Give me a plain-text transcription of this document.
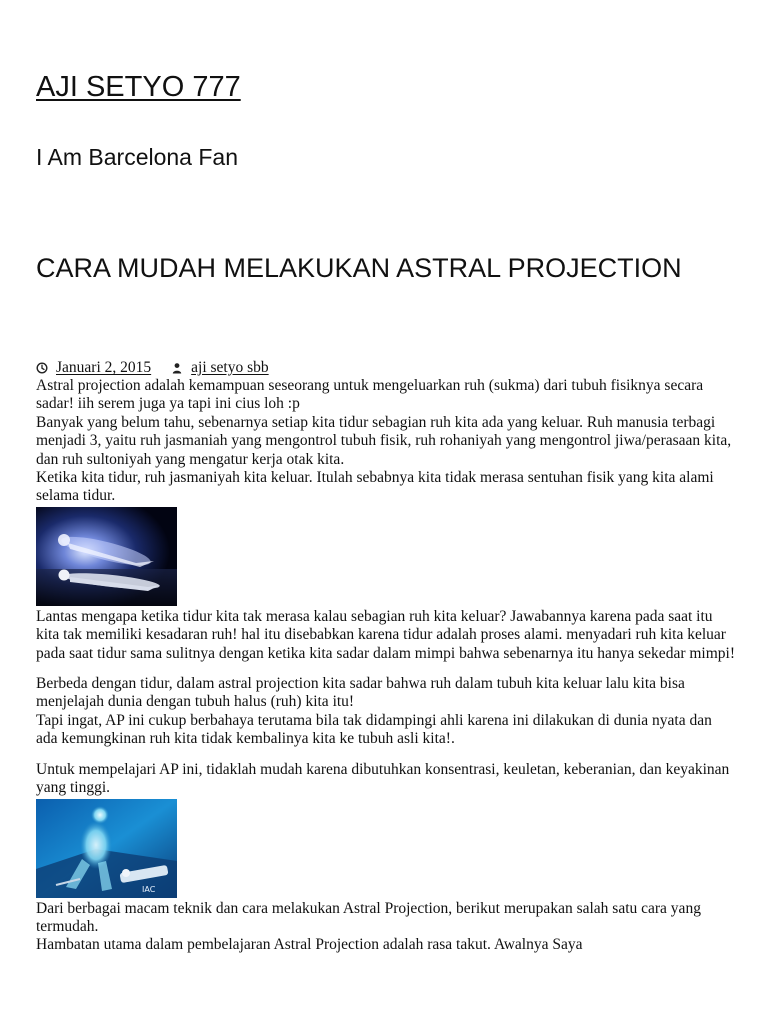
AJI SETYO 777
I Am Barcelona Fan
CARA MUDAH MELAKUKAN ASTRAL PROJECTION
Januari 2, 2015	aji setyo sbb

Astral projection adalah kemampuan seseorang untuk mengeluarkan ruh (sukma) dari tubuh fisiknya secara sadar! iih serem juga ya tapi ini cius loh :p

Banyak yang belum tahu, sebenarnya setiap kita tidur sebagian ruh kita ada yang keluar. Ruh manusia terbagi menjadi 3, yaitu ruh jasmaniah yang mengontrol tubuh fisik, ruh rohaniyah yang mengontrol jiwa/perasaan kita, dan ruh sultoniyah yang mengatur kerja otak kita.

Ketika kita tidur, ruh jasmaniyah kita keluar. Itulah sebabnya kita tidak merasa sentuhan fisik yang kita alami selama tidur.

Lantas mengapa ketika tidur kita tak merasa kalau sebagian ruh kita keluar? Jawabannya karena pada saat itu kita tak memiliki kesadaran ruh! hal itu disebabkan karena tidur adalah proses alami. menyadari ruh kita keluar pada saat tidur sama sulitnya dengan ketika kita sadar dalam mimpi bahwa sebenarnya itu hanya sekedar mimpi!

Berbeda dengan tidur, dalam astral projection kita sadar bahwa ruh dalam tubuh kita keluar lalu kita bisa menjelajah dunia dengan tubuh halus (ruh) kita itu!

Tapi ingat, AP ini cukup berbahaya terutama bila tak didampingi ahli karena ini dilakukan di dunia nyata dan ada kemungkinan ruh kita tidak kembalinya kita ke tubuh asli kita!.

Untuk mempelajari AP ini, tidaklah mudah karena dibutuhkan konsentrasi, keuletan, keberanian, dan keyakinan yang tinggi.

IAC

Dari berbagai macam teknik dan cara melakukan Astral Projection, berikut merupakan salah satu cara yang termudah.

Hambatan utama dalam pembelajaran Astral Projection adalah rasa takut. Awalnya Saya
